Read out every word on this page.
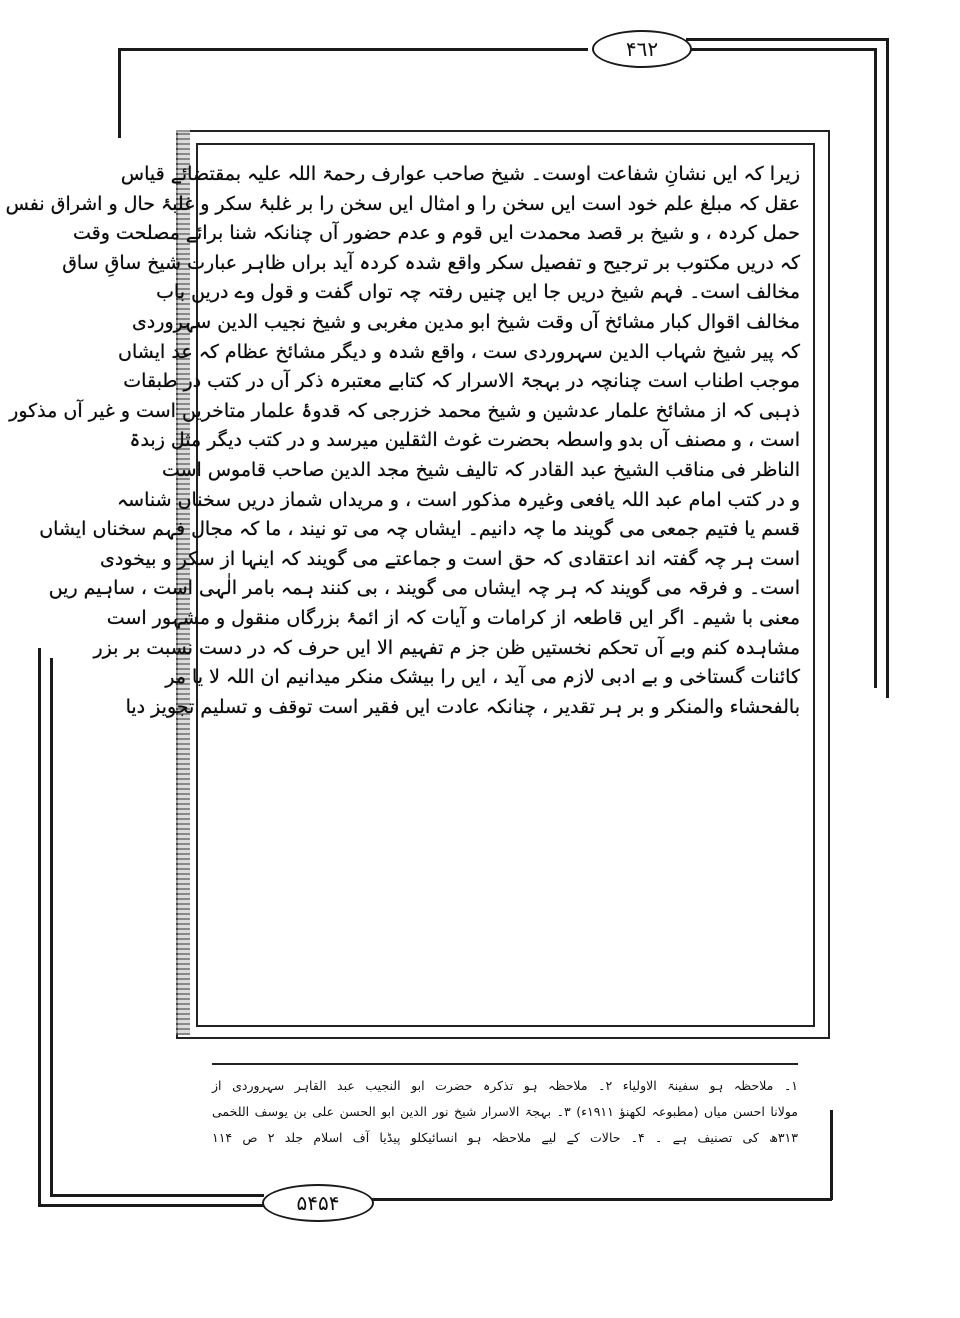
۴٦٢
۵۴۵۴
زیرا کہ ایں نشانِ شفاعت اوست۔ شیخ صاحب عوارف رحمۃ اللہ علیہ بمقتضائے قیاس
عقل کہ مبلغ علم خود است ایں سخن را و امثال ایں سخن را بر غلبۂ سکر و غلبۂ حال و اشراق نفس
حمل کردہ ، و شیخ بر قصد محمدت ایں قوم و عدم حضور آں چنانکہ شنا برائے مصلحت وقت
کہ دریں مکتوب بر ترجیح و تفصیل سکر واقع شدہ کردہ آید براں ظاہر عبارت شیخ ساقِ ساق
مخالف است۔ فہم شیخ دریں جا ایں چنیں رفتہ چہ تواں گفت و قول وے دریں باب
مخالف اقوال کبار مشائخ آں وقت شیخ ابو مدین مغربی و شیخ نجیب الدین سہروردی
کہ پیر شیخ شہاب الدین سہروردی ست ، واقع شدہ و دیگر مشائخ عظام کہ عد ایشاں
موجب اطناب است چنانچہ در بہجۃ الاسرار کہ کتابے معتبرہ ذکر آں در کتب در طبقات
ذہبی کہ از مشائخ علمار عدشین و شیخ محمد خزرجی کہ قدوۂ علمار متاخریں است و غیر آں مذکور
است ، و مصنف آں بدو واسطہ بحضرت غوث الثقلین میرسد و در کتب دیگر مثل زبدۃ
الناظر فی مناقب الشیخ عبد القادر کہ تالیف شیخ مجد الدین صاحب قاموس است
و در کتب امام عبد اللہ یافعی وغیرہ مذکور است ، و مریداں شماز دریں سخناں شناسہ
قسم یا فتیم جمعی می گویند ما چہ دانیم۔ ایشاں چہ می تو نیند ، ما کہ مجال فہم سخناں ایشاں
است ہر چہ گفتہ اند اعتقادی کہ حق است و جماعتے می گویند کہ اینہا از سکر و بیخودی
است۔ و فرقہ می گویند کہ ہر چہ ایشاں می گویند ، بی کنند ہمہ بامر الٰہی است ، ساہیم ریں
معنی با شیم۔ اگر ایں قاطعہ از کرامات و آیات کہ از ائمۂ بزرگاں منقول و مشہور است
مشاہدہ کنم وبے آں تحکم نخستیں ظن جز م تفہیم الا ایں حرف کہ در دست نسبت بر بزر
کائنات گستاخی و بے ادبی لازم می آید ، ایں را بیشک منکر میدانیم ان اللہ لا یا مر
بالفحشاء والمنکر و بر ہر تقدیر ، چنانکہ عادت ایں فقیر است توقف و تسلیم تجویز دیا
۱۔ ملاحظہ ہو سفینۃ الاولیاء ۲۔ ملاحظہ ہو تذکرہ حضرت ابو النجیب عبد القاہر سہروردی از
مولانا احسن میاں (مطبوعہ لکھنؤ ۱۹۱۱ء) ۳۔ بہجۃ الاسرار شیخ نور الدین ابو الحسن علی بن یوسف اللخمی
۳۱۳ھ کی تصنیف ہے ۔ ۴۔ حالات کے لیے ملاحظہ ہو انسائیکلو پیڈیا آف اسلام جلد ۲ ص ۱۱۴
